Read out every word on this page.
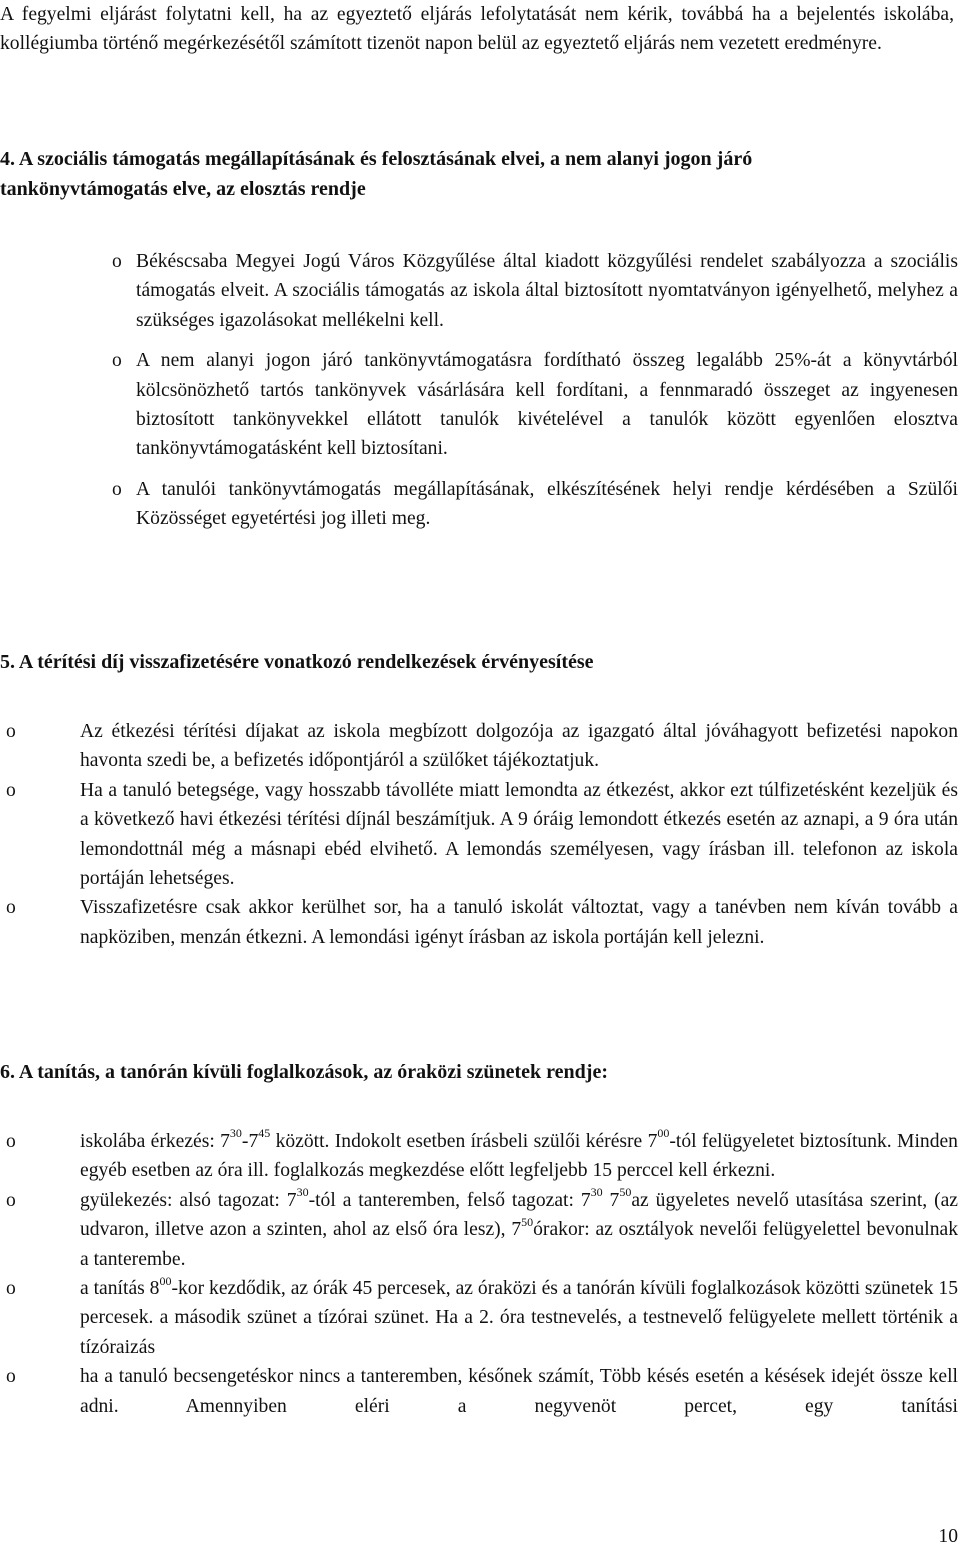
A fegyelmi eljárást folytatni kell, ha az egyeztető eljárás lefolytatását nem kérik, továbbá ha a bejelentés iskolába, kollégiumba történő megérkezésétől számított tizenöt napon belül az egyeztető eljárás nem vezetett eredményre.

4. A szociális támogatás megállapításának és felosztásának elvei, a nem alanyi jogon járó tankönyvtámogatás elve, az elosztás rendje
o Békéscsaba Megyei Jogú Város Közgyűlése által kiadott közgyűlési rendelet szabályozza a szociális támogatás elveit. A szociális támogatás az iskola által biztosított nyomtatványon igényelhető, melyhez a szükséges igazolásokat mellékelni kell.

o A nem alanyi jogon járó tankönyvtámogatásra fordítható összeg legalább 25%-át a könyvtárból kölcsönözhető tartós tankönyvek vásárlására kell fordítani, a fennmaradó összeget az ingyenesen biztosított tankönyvekkel ellátott tanulók kivételével a tanulók között egyenlően elosztva tankönyvtámogatásként kell biztosítani.

o A tanulói tankönyvtámogatás megállapításának, elkészítésének helyi rendje kérdésében a Szülői Közösséget egyetértési jog illeti meg.

5. A térítési díj visszafizetésére vonatkozó rendelkezések érvényesítése
o	Az étkezési térítési díjakat az iskola megbízott dolgozója az igazgató által jóváhagyott befizetési napokon havonta szedi be, a befizetés időpontjáról a szülőket tájékoztatjuk.

o	Ha a tanuló betegsége, vagy hosszabb távolléte miatt lemondta az étkezést, akkor ezt túlfizetésként kezeljük és a következő havi étkezési térítési díjnál beszámítjuk. A 9 óráig lemondott étkezés esetén az aznapi, a 9 óra után lemondottnál még a másnapi ebéd elvihető. A lemondás személyesen, vagy írásban ill. telefonon az iskola portáján lehetséges.

o	Visszafizetésre csak akkor kerülhet sor, ha a tanuló iskolát változtat, vagy a tanévben nem kíván tovább a napköziben, menzán étkezni. A lemondási igényt írásban az iskola portáján kell jelezni.

6. A tanítás, a tanórán kívüli foglalkozások, az óraközi szünetek rendje:
o	iskolába érkezés: $7^{30}-7^{45}$ között. Indokolt esetben írásbeli szülői kérésre $7^{00}$-tól felügyeletet biztosítunk. Minden egyéb esetben az óra ill. foglalkozás megkezdése előtt legfeljebb 15 perccel kell érkezni.

o	gyülekezés: alsó tagozat: $7^{30}$-tól a tanteremben, felső tagozat: $7^{30}$ $7^{50}az$ ügyeletes nevelő utasítása szerint, (az udvaron, illetve azon a szinten, ahol az első óra lesz), $7^{50}órakor$: az osztályok nevelői felügyelettel bevonulnak a tanterembe.

o	a tanítás $8^{00}$-kor kezdődik, az órák 45 percesek, az óraközi és a tanórán kívüli foglalkozások közötti szünetek 15 percesek. a második szünet a tízórai szünet. Ha a 2. óra testnevelés, a testnevelő felügyelete mellett történik a tízóraizás

o	ha a tanuló becsengetéskor nincs a tanteremben, későnek számít, Több késés esetén a késések idejét össze kell adni. Amennyiben eléri a negyvenöt percet, egy tanítási

10
